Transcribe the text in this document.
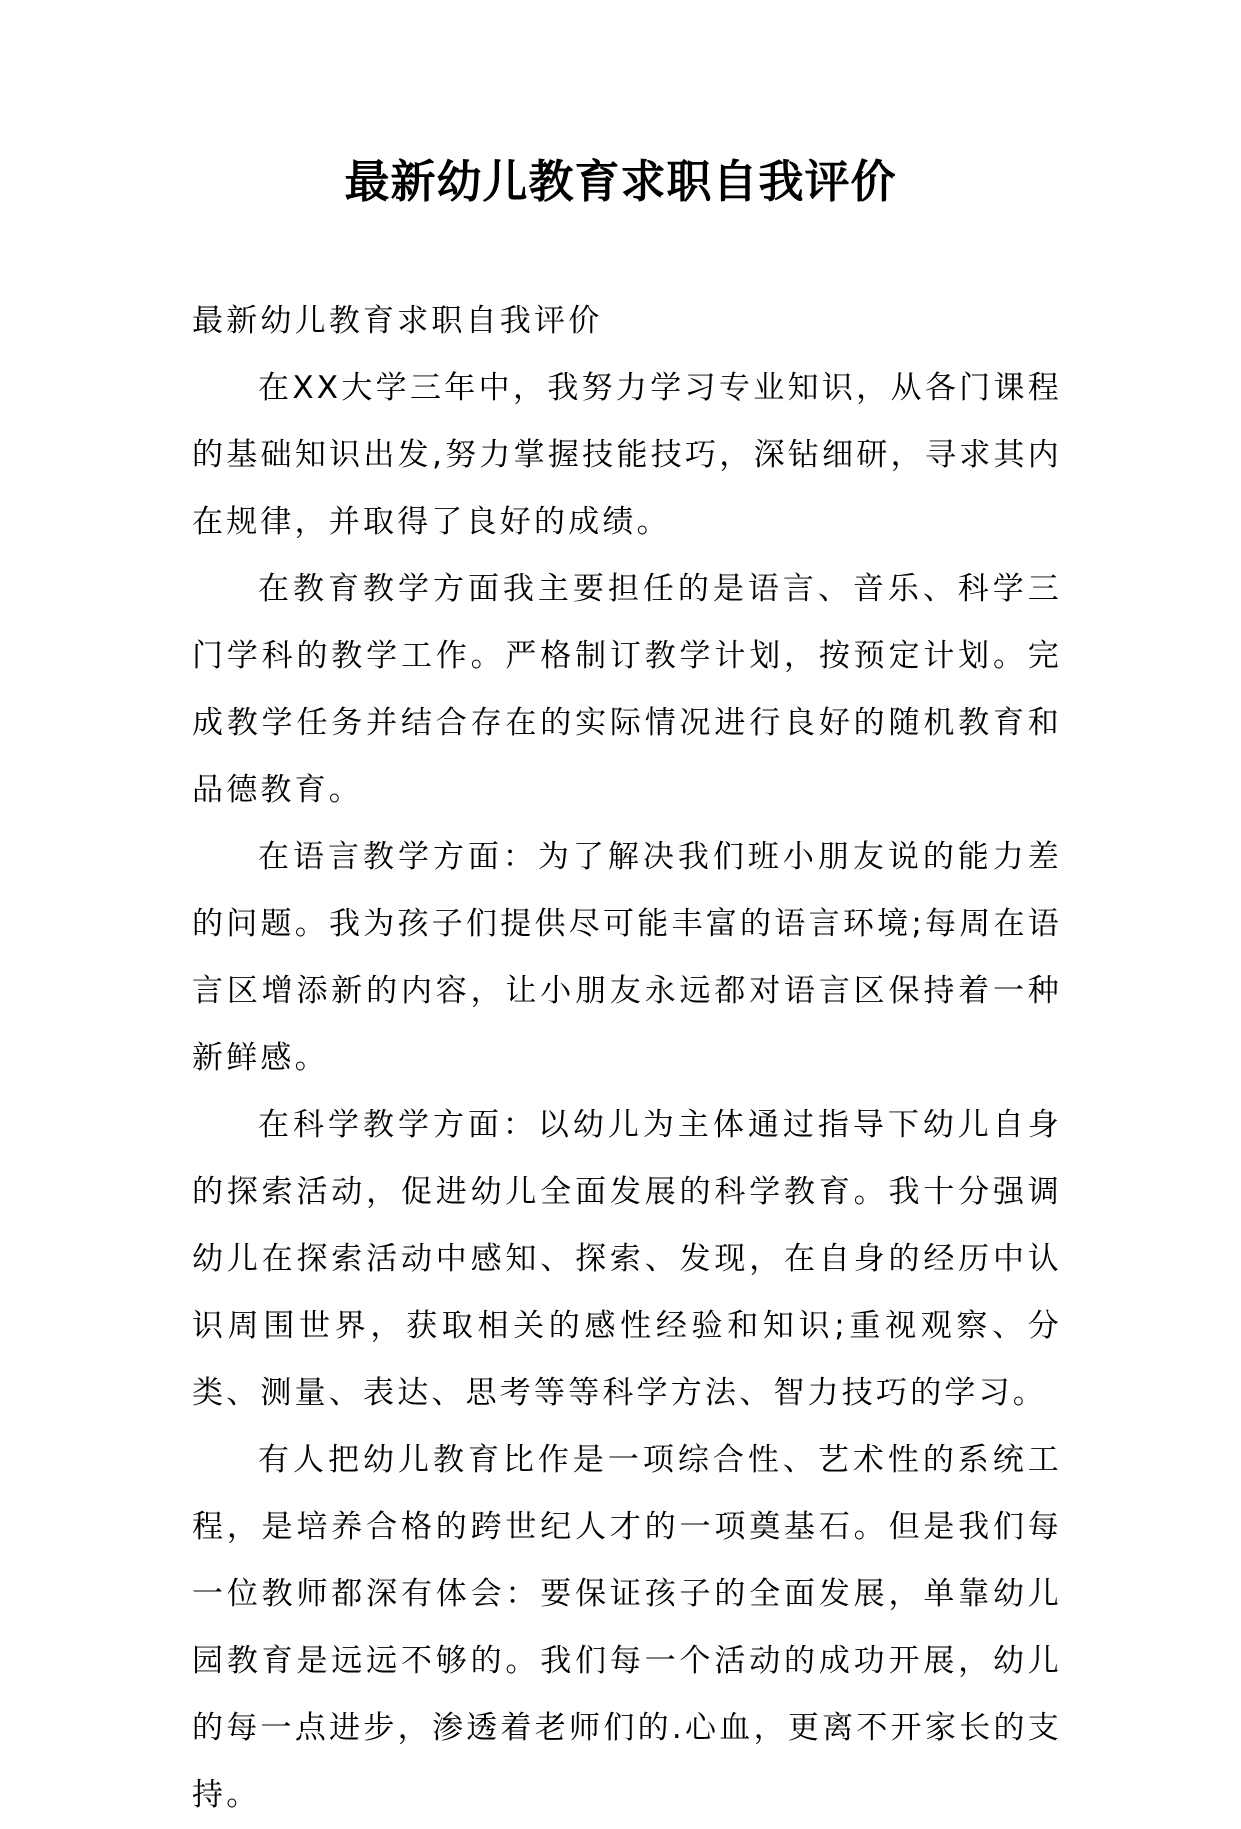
最新幼儿教育求职自我评价

最新幼儿教育求职自我评价

在XX大学三年中，我努力学习专业知识，从各门课程的基础知识出发,努力掌握技能技巧，深钻细研，寻求其内在规律，并取得了良好的成绩。

在教育教学方面我主要担任的是语言、音乐、科学三门学科的教学工作。严格制订教学计划，按预定计划。完成教学任务并结合存在的实际情况进行良好的随机教育和品德教育。

在语言教学方面：为了解决我们班小朋友说的能力差的问题。我为孩子们提供尽可能丰富的语言环境;每周在语言区增添新的内容，让小朋友永远都对语言区保持着一种新鲜感。

在科学教学方面：以幼儿为主体通过指导下幼儿自身的探索活动，促进幼儿全面发展的科学教育。我十分强调幼儿在探索活动中感知、探索、发现，在自身的经历中认识周围世界，获取相关的感性经验和知识;重视观察、分类、测量、表达、思考等等科学方法、智力技巧的学习。

有人把幼儿教育比作是一项综合性、艺术性的系统工程，是培养合格的跨世纪人才的一项奠基石。但是我们每一位教师都深有体会：要保证孩子的全面发展，单靠幼儿园教育是远远不够的。我们每一个活动的成功开展，幼儿的每一点进步，渗透着老师们的.心血，更离不开家长的支持。
